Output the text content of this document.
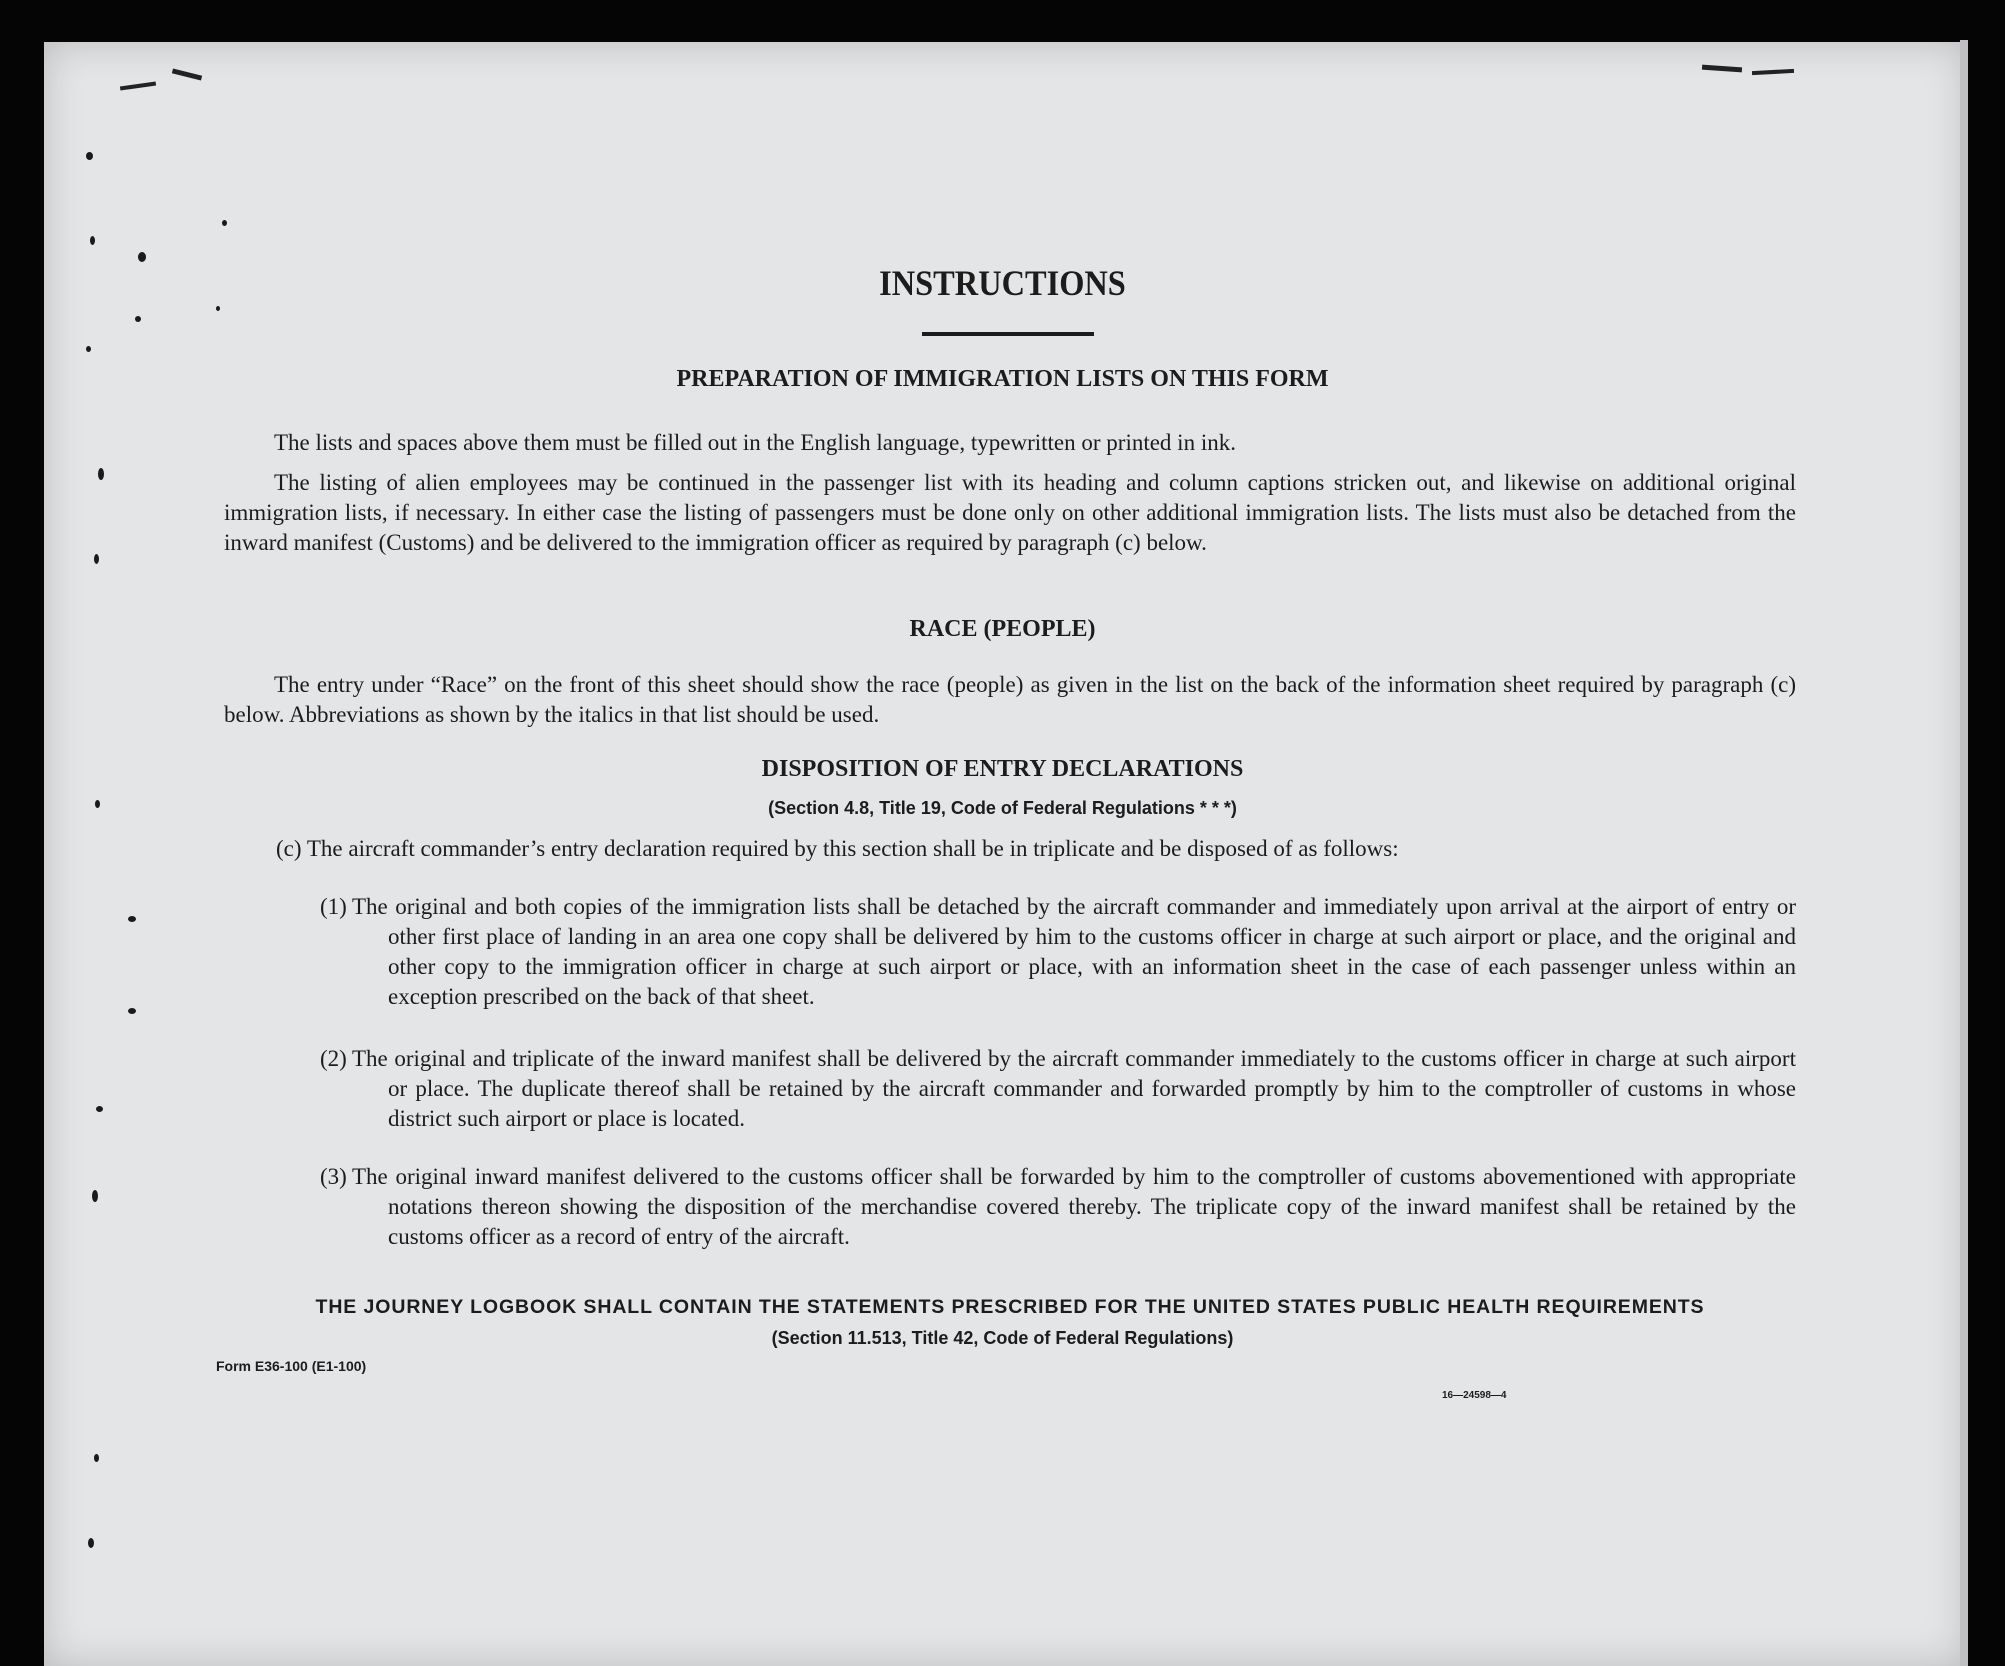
INSTRUCTIONS
PREPARATION OF IMMIGRATION LISTS ON THIS FORM
The lists and spaces above them must be filled out in the English language, typewritten or printed in ink.
The listing of alien employees may be continued in the passenger list with its heading and column captions stricken out, and likewise on additional original immigration lists, if necessary. In either case the listing of passengers must be done only on other additional immigration lists. The lists must also be detached from the inward manifest (Customs) and be delivered to the immigration officer as required by paragraph (c) below.
RACE (PEOPLE)
The entry under “Race” on the front of this sheet should show the race (people) as given in the list on the back of the information sheet required by paragraph (c) below. Abbreviations as shown by the italics in that list should be used.
DISPOSITION OF ENTRY DECLARATIONS
(Section 4.8, Title 19, Code of Federal Regulations * * *)
(c) The aircraft commander’s entry declaration required by this section shall be in triplicate and be disposed of as follows:
(1) The original and both copies of the immigration lists shall be detached by the aircraft commander and immediately upon arrival at the airport of entry or other first place of landing in an area one copy shall be delivered by him to the customs officer in charge at such airport or place, and the original and other copy to the immigration officer in charge at such airport or place, with an information sheet in the case of each passenger unless within an exception prescribed on the back of that sheet.
(2) The original and triplicate of the inward manifest shall be delivered by the aircraft commander immediately to the customs officer in charge at such airport or place. The duplicate thereof shall be retained by the aircraft commander and forwarded promptly by him to the comptroller of customs in whose district such airport or place is located.
(3) The original inward manifest delivered to the customs officer shall be forwarded by him to the comptroller of customs abovementioned with appropriate notations thereon showing the disposition of the merchandise covered thereby. The triplicate copy of the inward manifest shall be retained by the customs officer as a record of entry of the aircraft.
THE JOURNEY LOGBOOK SHALL CONTAIN THE STATEMENTS PRESCRIBED FOR THE UNITED STATES PUBLIC HEALTH REQUIREMENTS
(Section 11.513, Title 42, Code of Federal Regulations)
Form E36-100 (E1-100)
16—24598—4
